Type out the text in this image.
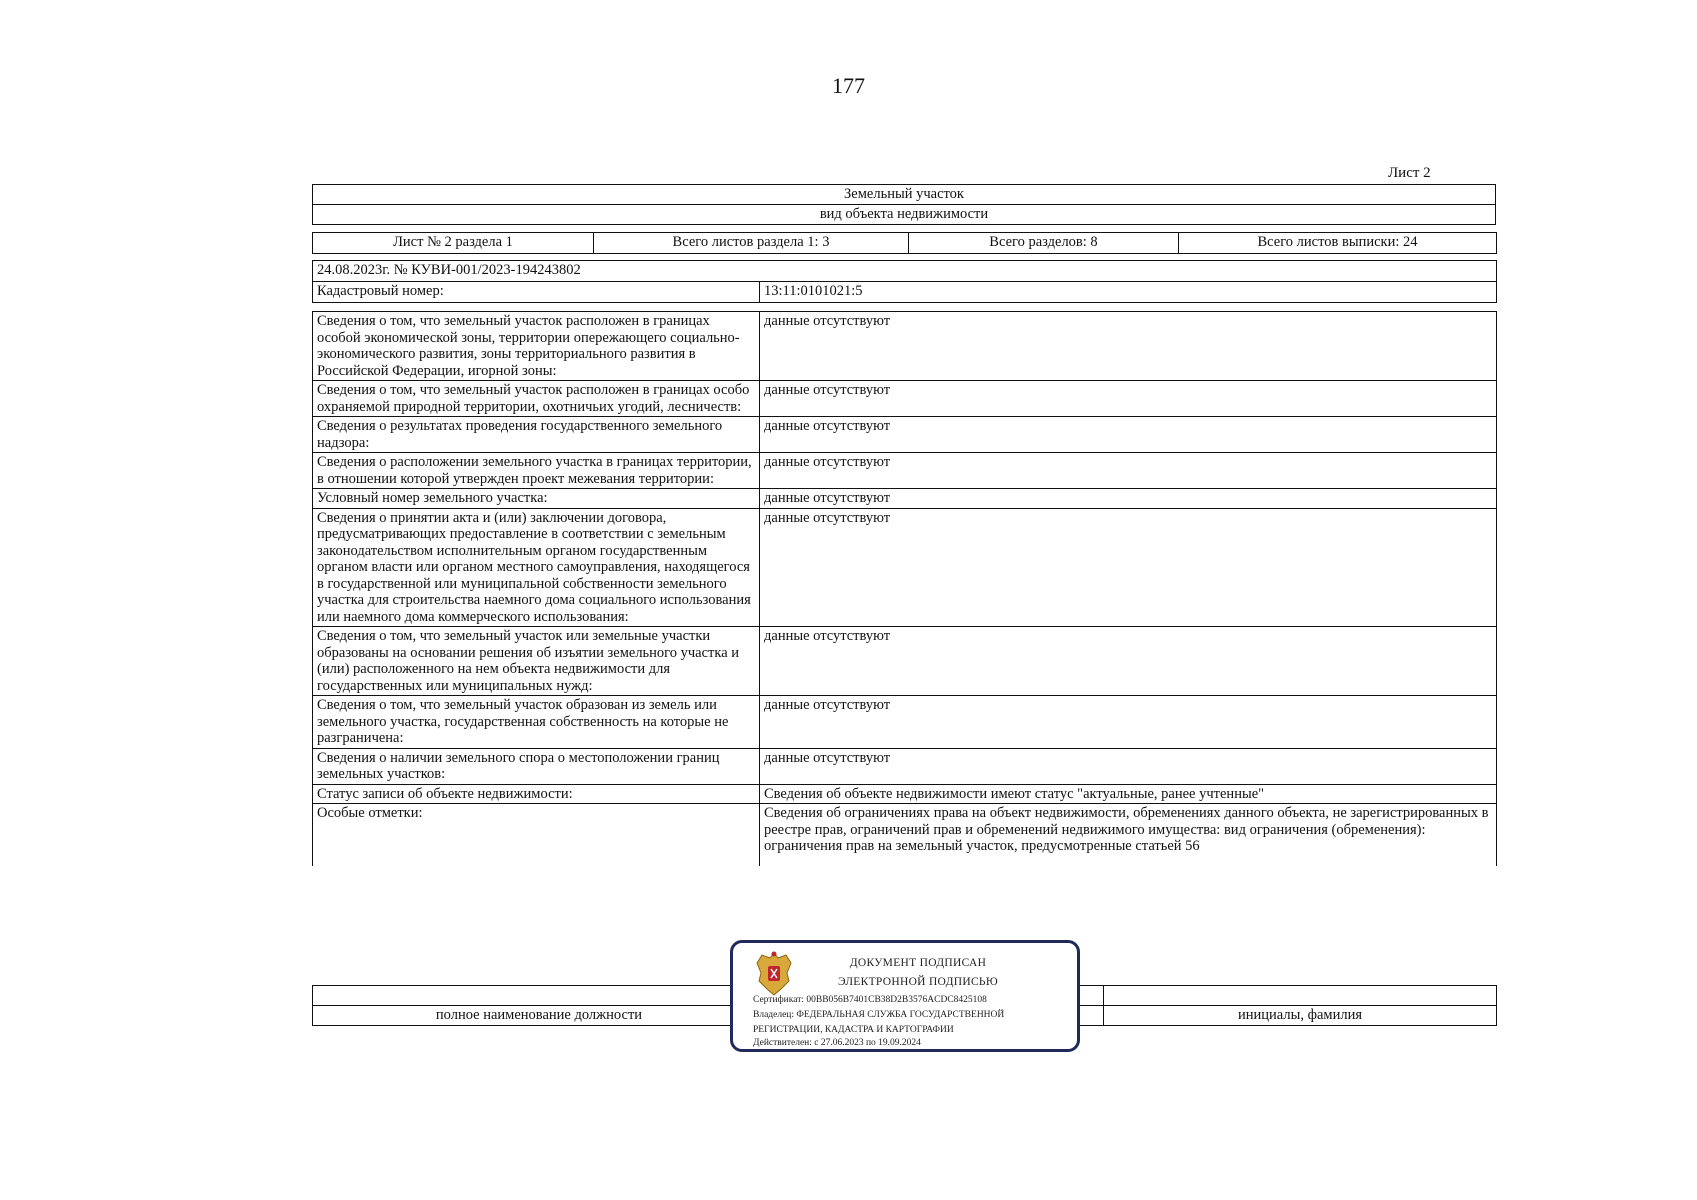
177
Лист 2
Земельный участок
вид объекта недвижимости
Лист № 2 раздела 1	Всего листов раздела 1: 3	Всего разделов: 8	Всего листов выписки: 24
24.08.2023г. № КУВИ-001/2023-194243802
Кадастровый номер:	13:11:0101021:5
Сведения о том, что земельный участок расположен в границах особой экономической зоны, территории опережающего социально-экономического развития, зоны территориального развития в Российской Федерации, игорной зоны:	данные отсутствуют
Сведения о том, что земельный участок расположен в границах особо охраняемой природной территории, охотничьих угодий, лесничеств:	данные отсутствуют
Сведения о результатах проведения государственного земельного надзора:	данные отсутствуют
Сведения о расположении земельного участка в границах территории, в отношении которой утвержден проект межевания территории:	данные отсутствуют
Условный номер земельного участка:	данные отсутствуют
Сведения о принятии акта и (или) заключении договора, предусматривающих предоставление в соответствии с земельным законодательством исполнительным органом государственным органом власти или органом местного самоуправления, находящегося в государственной или муниципальной собственности земельного участка для строительства наемного дома социального использования или наемного дома коммерческого использования:	данные отсутствуют
Сведения о том, что земельный участок или земельные участки образованы на основании решения об изъятии земельного участка и (или) расположенного на нем объекта недвижимости для государственных или муниципальных нужд:	данные отсутствуют
Сведения о том, что земельный участок образован из земель или земельного участка, государственная собственность на которые не разграничена:	данные отсутствуют
Сведения о наличии земельного спора о местоположении границ земельных участков:	данные отсутствуют
Статус записи об объекте недвижимости:	Сведения об объекте недвижимости имеют статус "актуальные, ранее учтенные"
Особые отметки:	Сведения об ограничениях права на объект недвижимости, обременениях данного объекта, не зарегистрированных в реестре прав, ограничений прав и обременений недвижимого имущества: вид ограничения (обременения): ограничения прав на земельный участок, предусмотренные статьей 56

полное наименование должности		инициалы, фамилия
ДОКУМЕНТ ПОДПИСАН
ЭЛЕКТРОННОЙ ПОДПИСЬЮ
Сертификат: 00BB056B7401CB38D2B3576ACDC8425108
Владелец: ФЕДЕРАЛЬНАЯ СЛУЖБА ГОСУДАРСТВЕННОЙ
РЕГИСТРАЦИИ, КАДАСТРА И КАРТОГРАФИИ
Действителен: с 27.06.2023 по 19.09.2024
